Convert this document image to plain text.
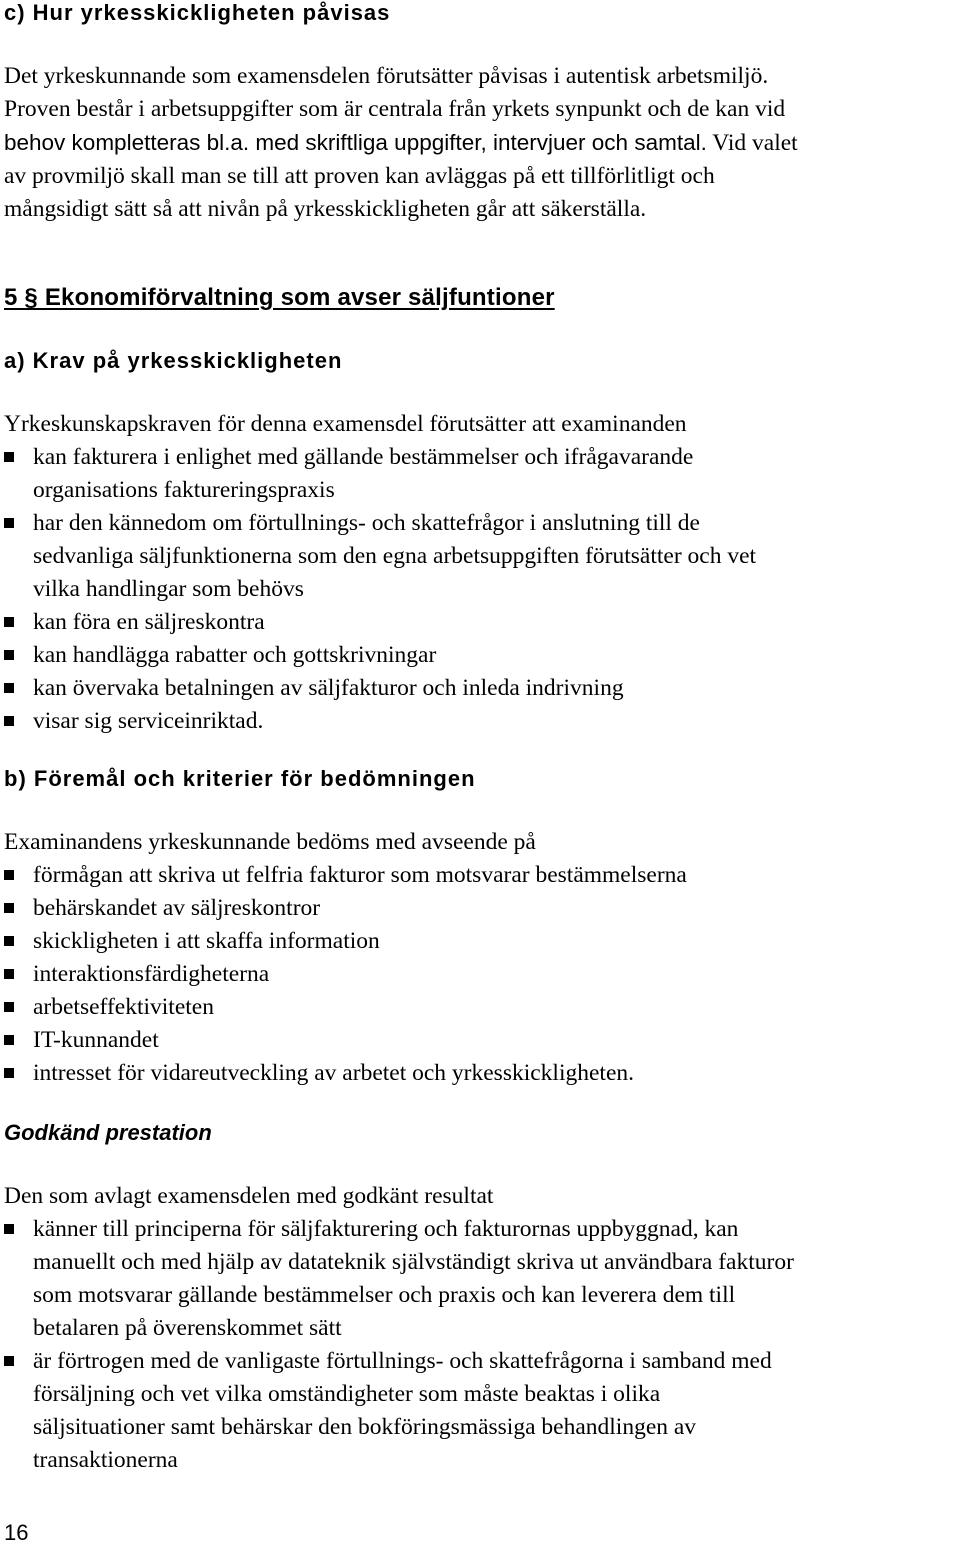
c) Hur yrkesskickligheten påvisas
Det yrkeskunnande som examensdelen förutsätter påvisas i autentisk arbetsmiljö.
Proven består i arbetsuppgifter som är centrala från yrkets synpunkt och de kan vid
behov kompletteras bl.a. med skriftliga uppgifter, intervjuer och samtal. Vid valet
av provmiljö skall man se till att proven kan avläggas på ett tillförlitligt och
mångsidigt sätt så att nivån på yrkesskickligheten går att säkerställa.
5 § Ekonomiförvaltning som avser säljfuntioner
a) Krav på yrkesskickligheten

Yrkeskunskapskraven för denna examensdel förutsätter att examinanden

kan fakturera i enlighet med gällande bestämmelser och ifrågavarande
organisations faktureringspraxis
har den kännedom om förtullnings- och skattefrågor i anslutning till de
sedvanliga säljfunktionerna som den egna arbetsuppgiften förutsätter och vet
vilka handlingar som behövs
kan föra en säljreskontra
kan handlägga rabatter och gottskrivningar
kan övervaka betalningen av säljfakturor och inleda indrivning
visar sig serviceinriktad.
b) Föremål och kriterier för bedömningen

Examinandens yrkeskunnande bedöms med avseende på

förmågan att skriva ut felfria fakturor som motsvarar bestämmelserna
behärskandet av säljreskontror
skickligheten i att skaffa information
interaktionsfärdigheterna
arbetseffektiviteten
IT-kunnandet
intresset för vidareutveckling av arbetet och yrkesskickligheten.
Godkänd prestation

Den som avlagt examensdelen med godkänt resultat

känner till principerna för säljfakturering och fakturornas uppbyggnad, kan
manuellt och med hjälp av datateknik självständigt skriva ut användbara fakturor
som motsvarar gällande bestämmelser och praxis och kan leverera dem till
betalaren på överenskommet sätt
är förtrogen med de vanligaste förtullnings- och skattefrågorna i samband med
försäljning och vet vilka omständigheter som måste beaktas i olika
säljsituationer samt behärskar den bokföringsmässiga behandlingen av
transaktionerna

16
